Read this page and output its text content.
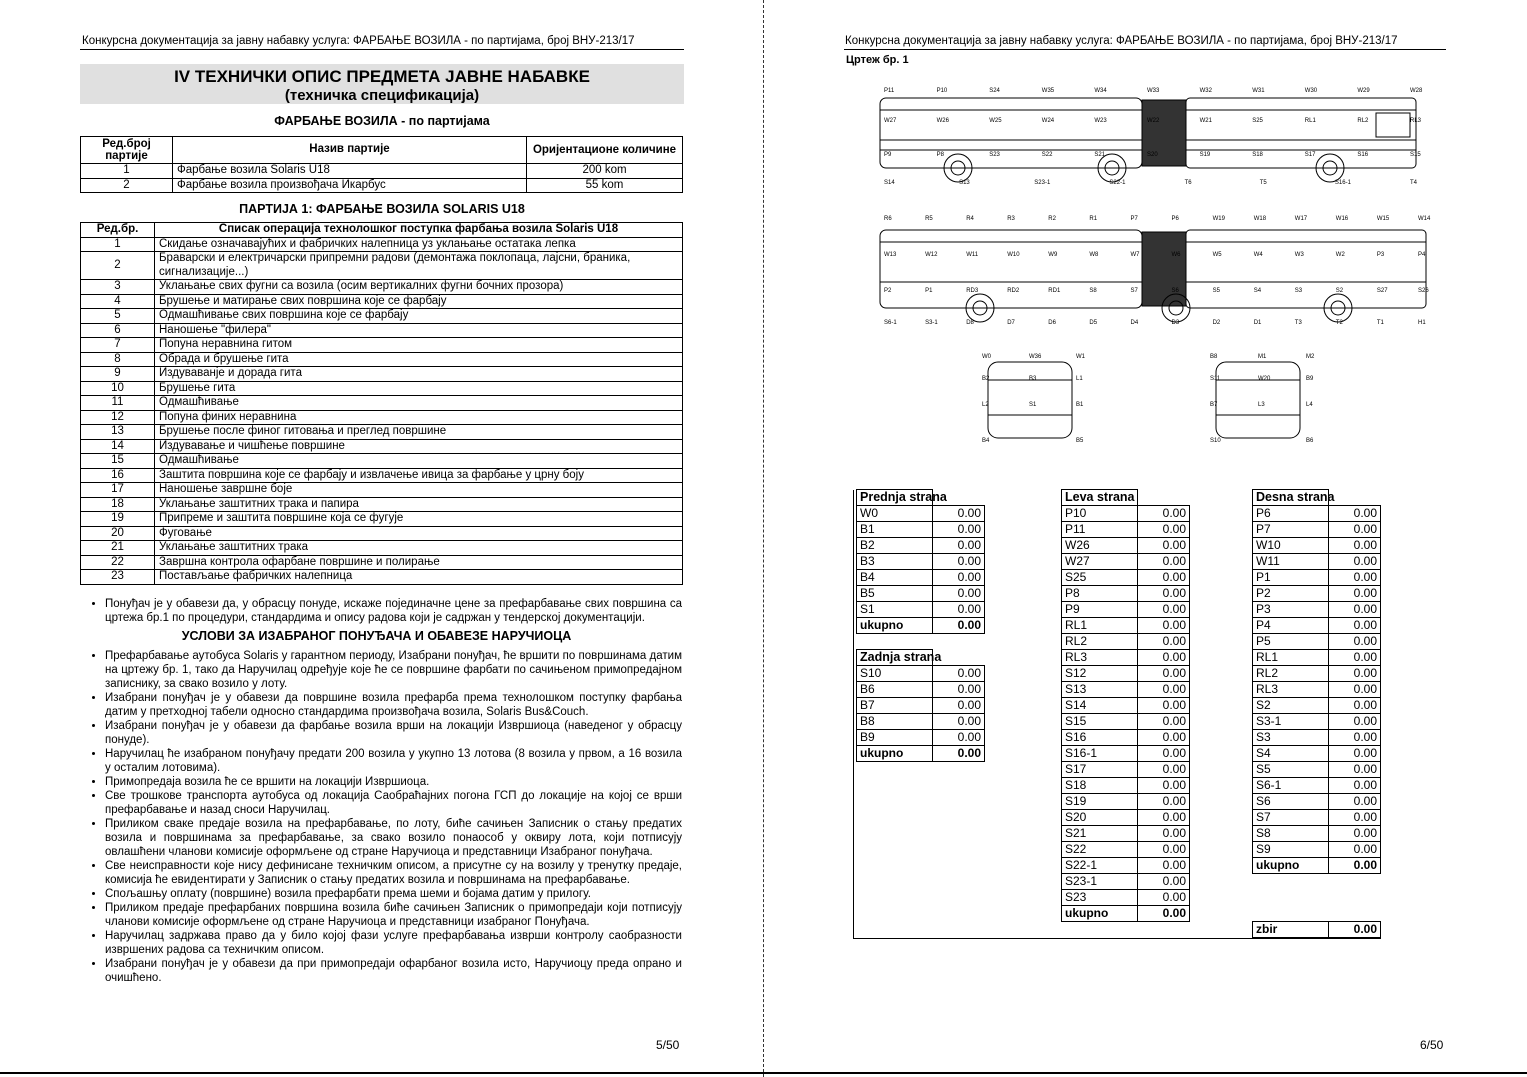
Конкурсна документација за јавну набавку услуга: ФАРБАЊЕ ВОЗИЛА - по партијама, број ВНУ-213/17
IV ТЕХНИЧКИ ОПИС ПРЕДМЕТА ЈАВНЕ НАБАВКЕ
(техничка спецификација)
ФАРБАЊЕ ВОЗИЛА - по партијама
Ред.број партије	Назив партије	Оријентационе количине
1	Фарбање возила Solaris U18	200 kom
2	Фарбање возила произвођача Икарбус	55 kom
ПАРТИЈА 1: ФАРБАЊЕ ВОЗИЛА SOLARIS U18
Ред.бр.	Списак операција технолошког поступка фарбања возила Solaris U18
1	Скидање означавајућих и фабричких налепница уз уклањање остатака лепка
2	Браварски и електричарски припремни радови (демонтажа поклопаца, лајсни, браника, сигнализације...)
3	Уклањање свих фугни са возила (осим вертикалних фугни бочних прозора)
4	Брушење и матирање свих површина које се фарбају
5	Одмашћивање свих површина које се фарбају
6	Наношење "филера"
7	Попуна неравнина гитом
8	Обрада и брушење гита
9	Издуваванје и дорада гита
10	Брушење гита
11	Одмашћивање
12	Попуна финих неравнина
13	Брушење после финог гитовања и преглед површине
14	Издувавање и чишћење површине
15	Одмашћивање
16	Заштита површина које се фарбају и извлачење ивица за фарбање у црну боју
17	Наношење завршне боје
18	Уклањање заштитних трака и папира
19	Припреме и заштита површине која се фугује
20	Фуговање
21	Уклањање заштитних трака
22	Завршна контрола офарбане површине и полирање
23	Постављање фабричких налепница
• Понуђач је у обавези да, у обрасцу понуде, искаже појединачне цене за префарбавање свих површина са цртежа бр.1 по процедури, стандардима и опису радова који је садржан у тендерској документацији.
УСЛОВИ ЗА ИЗАБРАНОГ ПОНУЂАЧА И ОБАВЕЗЕ НАРУЧИОЦА
• Префарбавање аутобуса Solaris у гарантном периоду, Изабрани понуђач, ће вршити по површинама датим на цртежу бр. 1, тако да Наручилац одређује које ће се површине фарбати по сачињеном примопредајном записнику, за свако возило у лоту.
• Изабрани понуђач је у обавези да површине возила префарба према технолошком поступку фарбања датим у претходној табели односно стандардима произвођача возила, Solaris Bus&Couch.
• Изабрани понуђач је у обавези да фарбање возила врши на локацији Извршиоца (наведеног у обрасцу понуде).
• Наручилац ће изабраном понуђачу предати 200 возила у укупно 13 лотова (8 возила у првом, а 16 возила у осталим лотовима).
• Примопредаја возила ће се вршити на локацији Извршиоца.
• Све трошкове транспорта аутобуса од локација Саобраћајних погона ГСП до локације на којој се врши префарбавање и назад сноси Наручилац.
• Приликом сваке предаје возила на префарбавање, по лоту, биће сачињен Записник о стању предатих возила и површинама за префарбавање, за свако возило понаособ у оквиру лота, који потписују овлашћени чланови комисије оформљене од стране Наручиоца и представници Изабраног понуђача.
• Све неисправности које нису дефинисане техничким описом, а присутне су на возилу у тренутку предаје, комисија ће евидентирати у Записник о стању предатих возила и површинама на префарбавање.
• Спољашњу оплату (површине) возила префарбати према шеми и бојама датим у прилогу.
• Приликом предаје префарбаних површина возила биће сачињен Записник о примопредаји који потписују чланови комисије оформљене од стране Наручиоца и представници изабраног Понуђача.
• Наручилац задржава право да у било којој фази услуге префарбавања изврши контролу саобразности извршених радова са техничким описом.
• Изабрани понуђач је у обавези да при примопредаји офарбаног возила исто, Наручиоцу преда опрано и очишћено.
5/50
Конкурсна документација за јавну набавку услуга: ФАРБАЊЕ ВОЗИЛА - по партијама, број ВНУ-213/17
Цртеж бр. 1
P11	P10	S24	W35	W34	W33	W32	W31	W30	W29	W28
W27	W26	W25	W24	W23	W22	W21	S25	RL1	RL2	RL3
P9	P8	S23	S22	S21	S20	S19	S18	S17	S16	S15
S14	S13	S23-1	S22-1	T6	T5	S16-1	T4
R6	R5	R4	R3	R2	R1	P7	P6	W19	W18	W17	W16	W15	W14
W13	W12	W11	W10	W9	W8	W7	W6	W5	W4	W3	W2	P3	P4
P2	P1	RD3	RD2	RD1	S8	S7	S6	S5	S4	S3	S2	S27	S26
S6-1	S3-1	D8	D7	D6	D5	D4	D3	D2	D1	T3	T2	T1	H1
W0	W36	W1
B2	B3	L1
L2	S1	B1
B4	B5
B8	M1	M2
S11	W20	B9
B7	L3	L4
S10	B6
Prednja strana	
W0	0.00
B1	0.00
B2	0.00
B3	0.00
B4	0.00
B5	0.00
S1	0.00
ukupno	0.00
Zadnja strana	
S10	0.00
B6	0.00
B7	0.00
B8	0.00
B9	0.00
ukupno	0.00
Leva strana	
P10	0.00
P11	0.00
W26	0.00
W27	0.00
S25	0.00
P8	0.00
P9	0.00
RL1	0.00
RL2	0.00
RL3	0.00
S12	0.00
S13	0.00
S14	0.00
S15	0.00
S16	0.00
S16-1	0.00
S17	0.00
S18	0.00
S19	0.00
S20	0.00
S21	0.00
S22	0.00
S22-1	0.00
S23-1	0.00
S23	0.00
ukupno	0.00
Desna strana	
P6	0.00
P7	0.00
W10	0.00
W11	0.00
P1	0.00
P2	0.00
P3	0.00
P4	0.00
P5	0.00
RL1	0.00
RL2	0.00
RL3	0.00
S2	0.00
S3-1	0.00
S3	0.00
S4	0.00
S5	0.00
S6-1	0.00
S6	0.00
S7	0.00
S8	0.00
S9	0.00
ukupno	0.00
zbir	0.00
6/50
